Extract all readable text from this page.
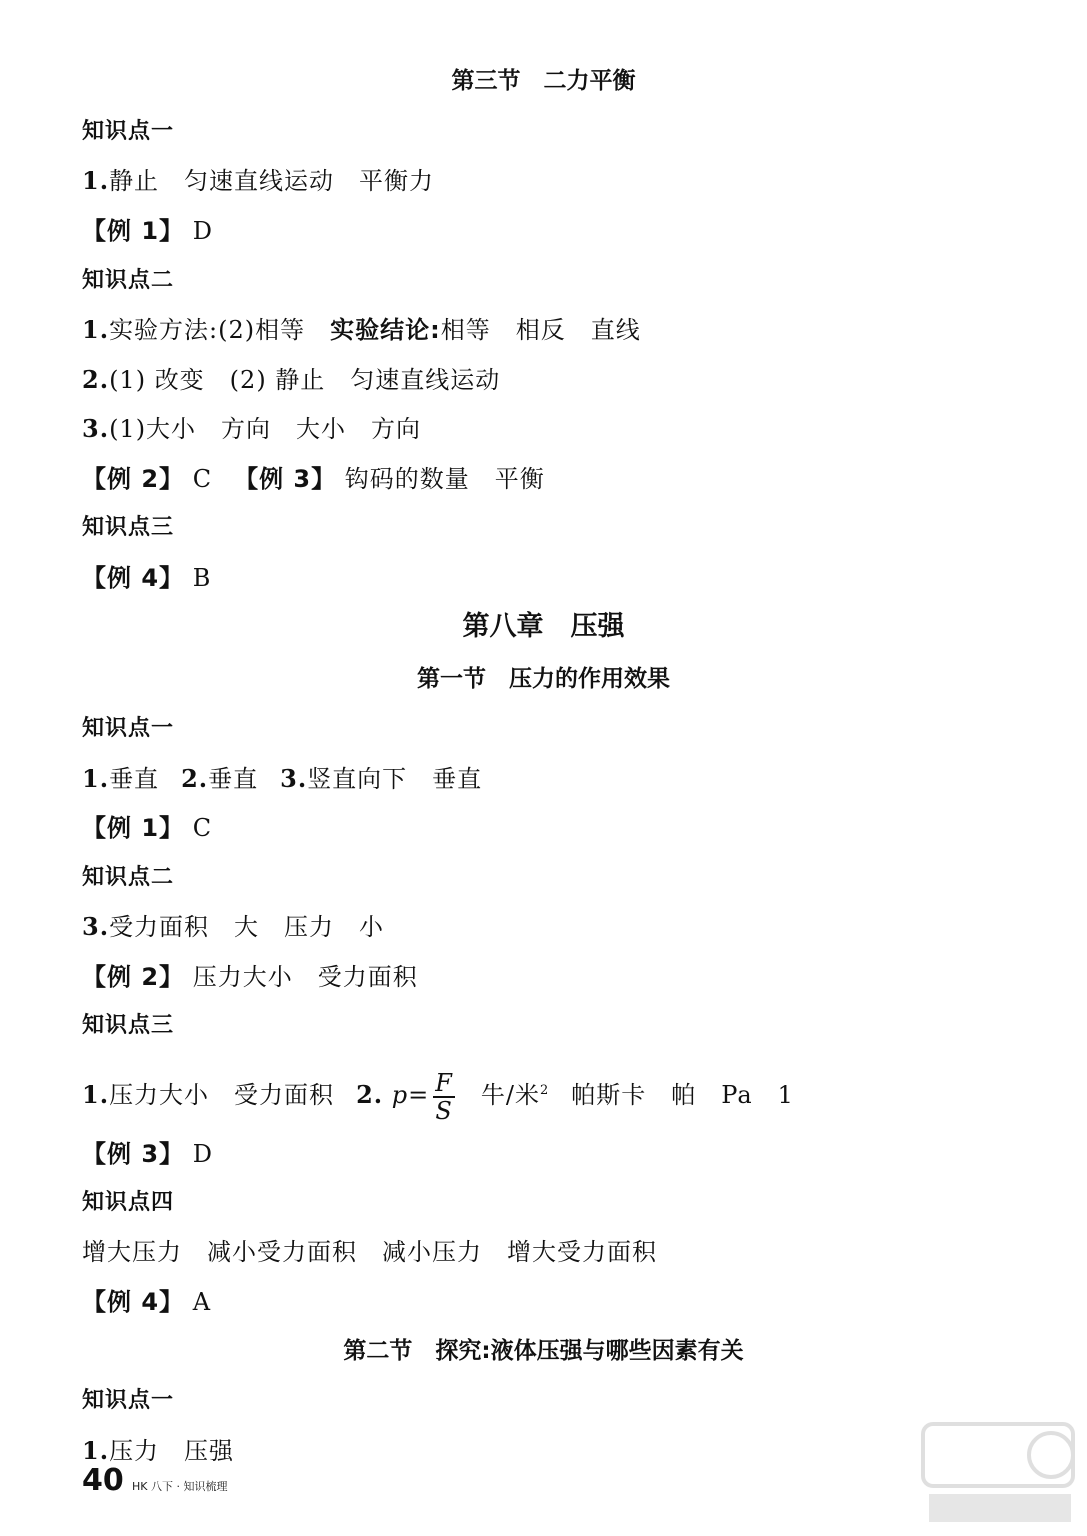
第三节　二力平衡
知识点一
1.静止　匀速直线运动　平衡力
【例 1】 D
知识点二
1.实验方法:(2)相等　实验结论:相等　相反　直线
2.(1) 改变　(2) 静止　匀速直线运动
3.(1)大小　方向　大小　方向
【例 2】 C 【例 3】 钩码的数量　平衡
知识点三
【例 4】 B
第八章　压强
第一节　压力的作用效果
知识点一
1.垂直 2.垂直 3.竖直向下　垂直
【例 1】 C
知识点二
3.受力面积　大　压力　小
【例 2】 压力大小　受力面积
知识点三
1.压力大小　受力面积 2. $p= \frac{F}{S}$ 牛/米$^2$ 帕斯卡　帕　Pa　1
【例 3】 D
知识点四
增大压力　减小受力面积　减小压力　增大受力面积
【例 4】 A
第二节　探究:液体压强与哪些因素有关
知识点一
1.压力　压强
40 HK 八下 · 知识梳理
